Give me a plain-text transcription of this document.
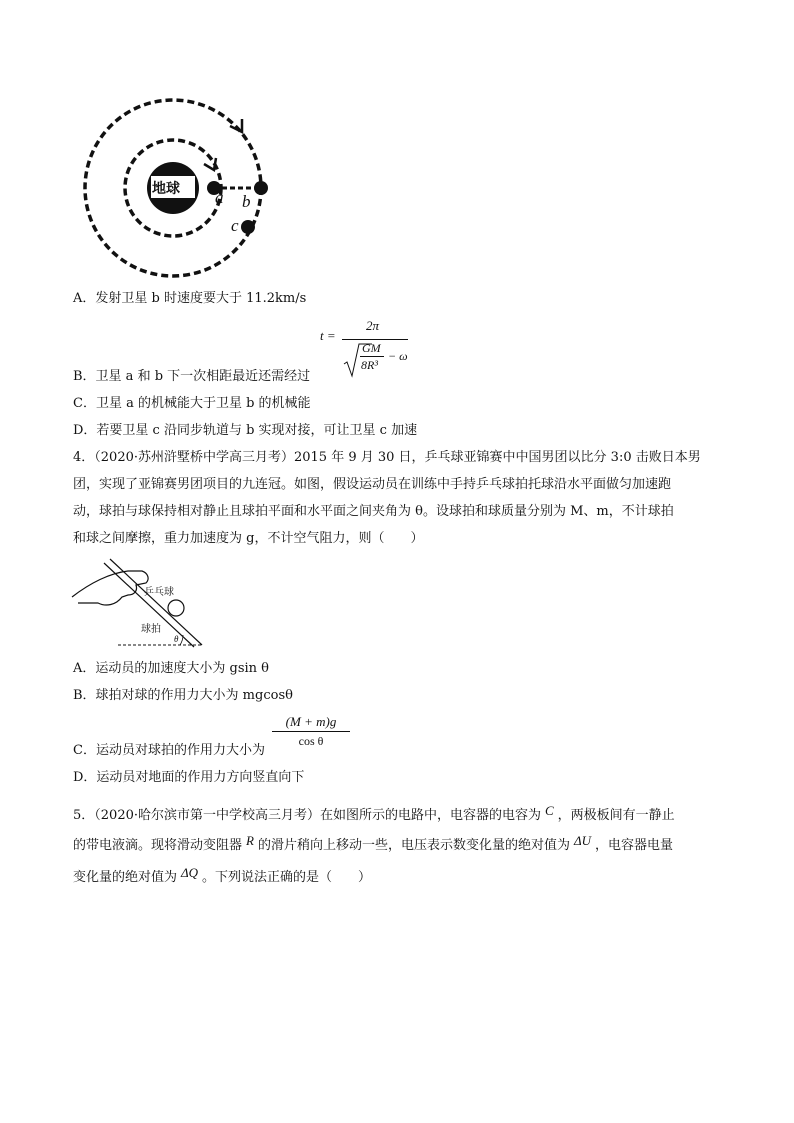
地球 a b
c
A．发射卫星 b 时速度要大于 11.2km/s
t =
2π
GM
8R³
− ω
B．卫星 a 和 b 下一次相距最近还需经过
C．卫星 a 的机械能大于卫星 b 的机械能
D．若要卫星 c 沿同步轨道与 b 实现对接，可让卫星 c 加速
4．（2020·苏州浒墅桥中学高三月考）2015 年 9 月 30 日，乒乓球亚锦赛中中国男团以比分 3:0 击败日本男
团，实现了亚锦赛男团项目的九连冠。如图，假设运动员在训练中手持乒乓球拍托球沿水平面做匀加速跑
动，球拍与球保持相对静止且球拍平面和水平面之间夹角为 θ。设球拍和球质量分别为 M、m，不计球拍
和球之间摩擦，重力加速度为 g，不计空气阻力，则（　　）
乒乓球
球拍
θ
A．运动员的加速度大小为 gsin θ
B．球拍对球的作用力大小为 mgcosθ
$\frac{(M + m)g}{\text{cos θ}}$
C．运动员对球拍的作用力大小为
D．运动员对地面的作用力方向竖直向下
5．（2020·哈尔滨市第一中学校高三月考）在如图所示的电路中，电容器的电容为 C ，两极板间有一静止
的带电液滴。现将滑动变阻器 R 的滑片稍向上移动一些，电压表示数变化量的绝对值为 ΔU ，电容器电量
变化量的绝对值为 ΔQ 。下列说法正确的是（　　）
